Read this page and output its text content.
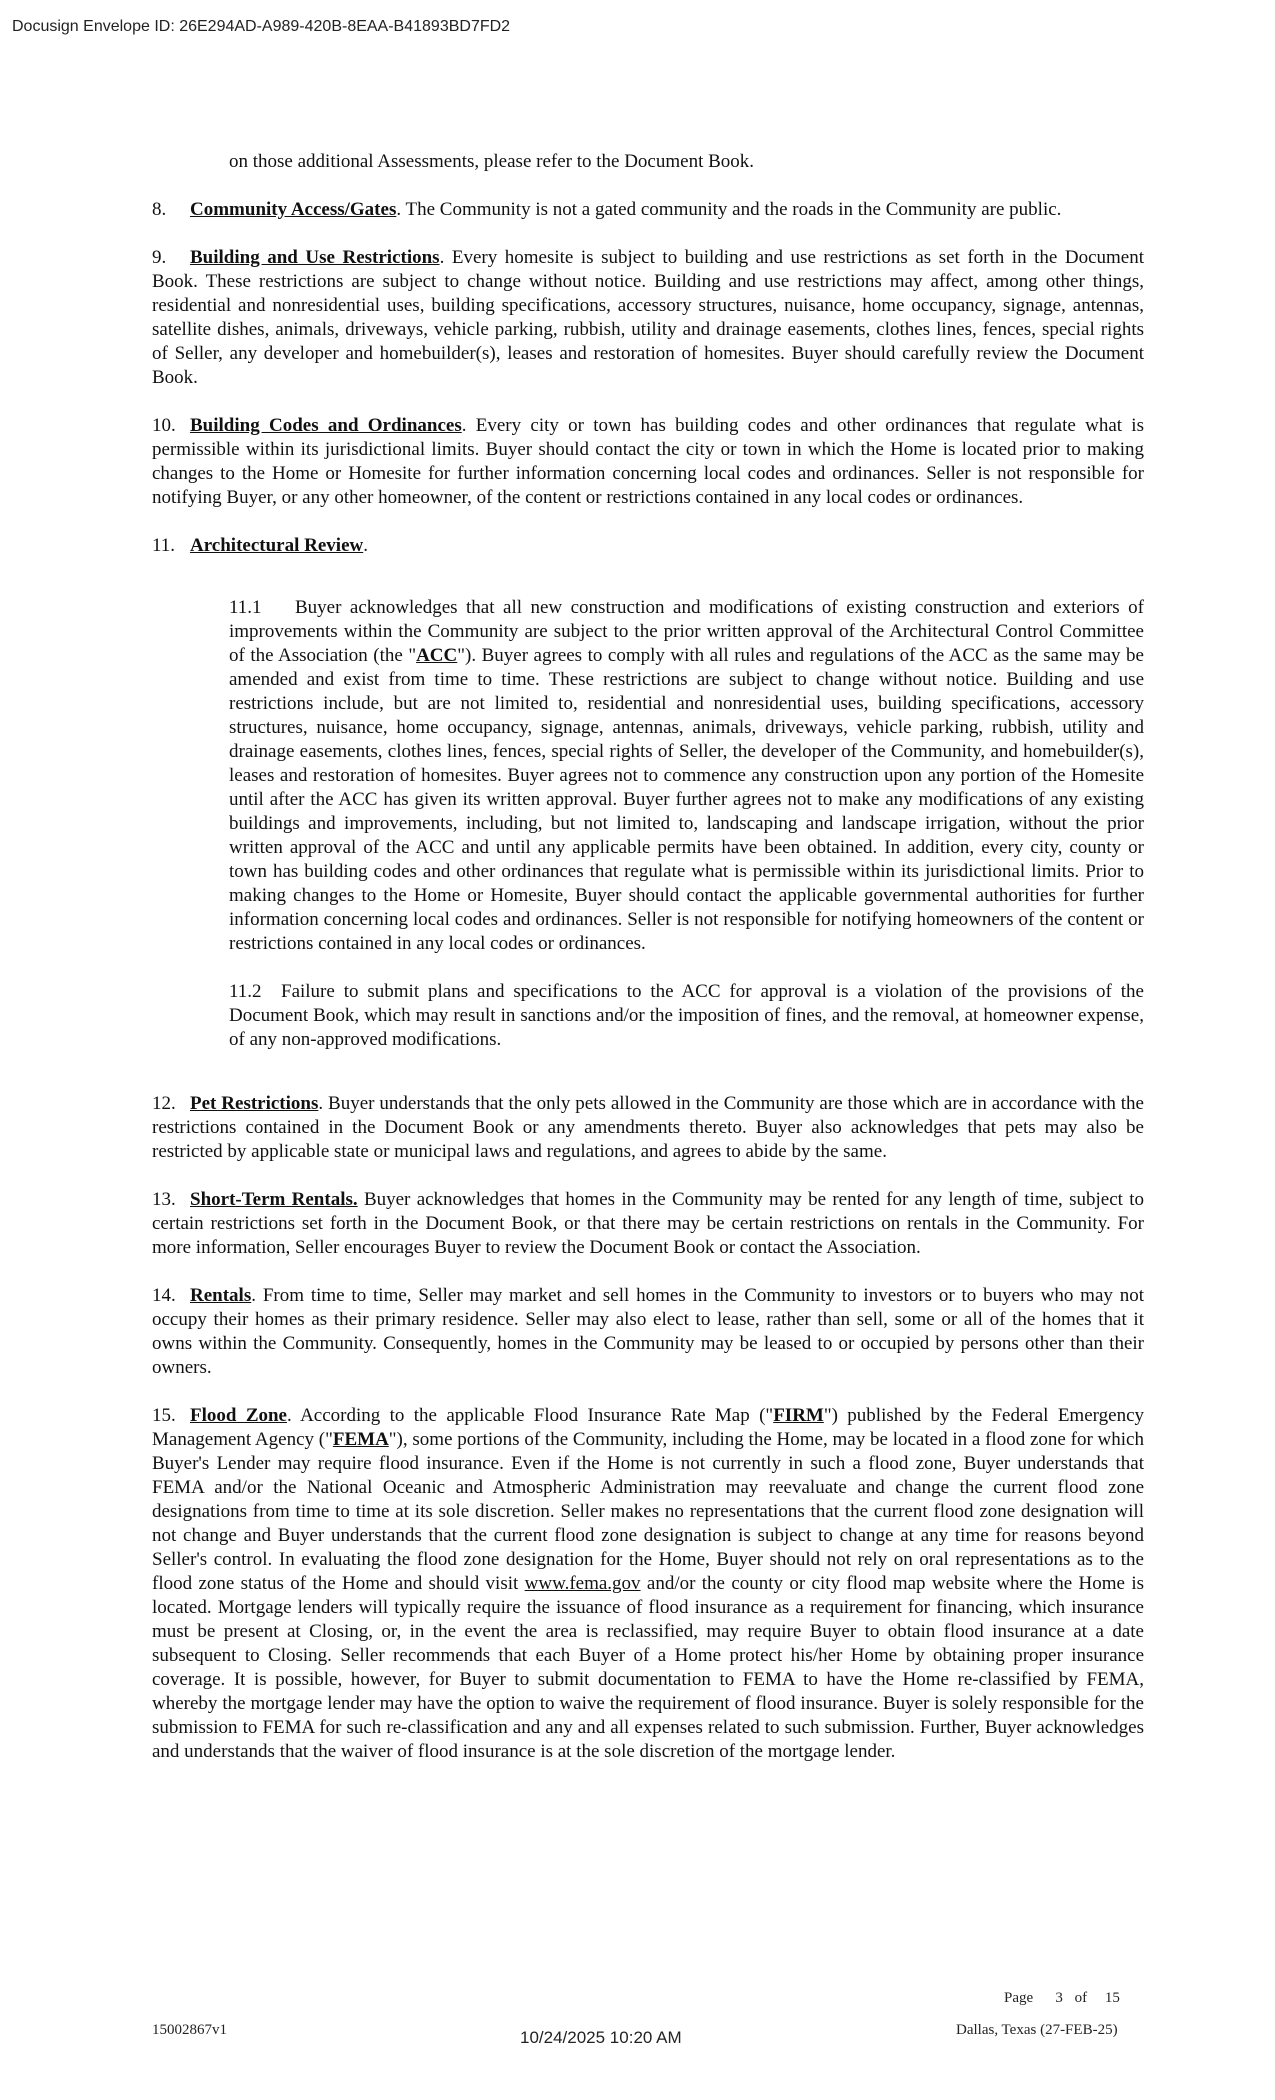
Docusign Envelope ID: 26E294AD-A989-420B-8EAA-B41893BD7FD2

on those additional Assessments, please refer to the Document Book.

8. Community Access/Gates. The Community is not a gated community and the roads in the Community are public.

9. Building and Use Restrictions. Every homesite is subject to building and use restrictions as set forth in the Document Book. These restrictions are subject to change without notice. Building and use restrictions may affect, among other things, residential and nonresidential uses, building specifications, accessory structures, nuisance, home occupancy, signage, antennas, satellite dishes, animals, driveways, vehicle parking, rubbish, utility and drainage easements, clothes lines, fences, special rights of Seller, any developer and homebuilder(s), leases and restoration of homesites. Buyer should carefully review the Document Book.

10. Building Codes and Ordinances. Every city or town has building codes and other ordinances that regulate what is permissible within its jurisdictional limits. Buyer should contact the city or town in which the Home is located prior to making changes to the Home or Homesite for further information concerning local codes and ordinances. Seller is not responsible for notifying Buyer, or any other homeowner, of the content or restrictions contained in any local codes or ordinances.

11. Architectural Review.

11.1 Buyer acknowledges that all new construction and modifications of existing construction and exteriors of improvements within the Community are subject to the prior written approval of the Architectural Control Committee of the Association (the "ACC"). Buyer agrees to comply with all rules and regulations of the ACC as the same may be amended and exist from time to time. These restrictions are subject to change without notice. Building and use restrictions include, but are not limited to, residential and nonresidential uses, building specifications, accessory structures, nuisance, home occupancy, signage, antennas, animals, driveways, vehicle parking, rubbish, utility and drainage easements, clothes lines, fences, special rights of Seller, the developer of the Community, and homebuilder(s), leases and restoration of homesites. Buyer agrees not to commence any construction upon any portion of the Homesite until after the ACC has given its written approval. Buyer further agrees not to make any modifications of any existing buildings and improvements, including, but not limited to, landscaping and landscape irrigation, without the prior written approval of the ACC and until any applicable permits have been obtained. In addition, every city, county or town has building codes and other ordinances that regulate what is permissible within its jurisdictional limits. Prior to making changes to the Home or Homesite, Buyer should contact the applicable governmental authorities for further information concerning local codes and ordinances. Seller is not responsible for notifying homeowners of the content or restrictions contained in any local codes or ordinances.

11.2 Failure to submit plans and specifications to the ACC for approval is a violation of the provisions of the Document Book, which may result in sanctions and/or the imposition of fines, and the removal, at homeowner expense, of any non-approved modifications.

12. Pet Restrictions. Buyer understands that the only pets allowed in the Community are those which are in accordance with the restrictions contained in the Document Book or any amendments thereto. Buyer also acknowledges that pets may also be restricted by applicable state or municipal laws and regulations, and agrees to abide by the same.

13. Short-Term Rentals. Buyer acknowledges that homes in the Community may be rented for any length of time, subject to certain restrictions set forth in the Document Book, or that there may be certain restrictions on rentals in the Community. For more information, Seller encourages Buyer to review the Document Book or contact the Association.

14. Rentals. From time to time, Seller may market and sell homes in the Community to investors or to buyers who may not occupy their homes as their primary residence. Seller may also elect to lease, rather than sell, some or all of the homes that it owns within the Community. Consequently, homes in the Community may be leased to or occupied by persons other than their owners.

15. Flood Zone. According to the applicable Flood Insurance Rate Map ("FIRM") published by the Federal Emergency Management Agency ("FEMA"), some portions of the Community, including the Home, may be located in a flood zone for which Buyer's Lender may require flood insurance. Even if the Home is not currently in such a flood zone, Buyer understands that FEMA and/or the National Oceanic and Atmospheric Administration may reevaluate and change the current flood zone designations from time to time at its sole discretion. Seller makes no representations that the current flood zone designation will not change and Buyer understands that the current flood zone designation is subject to change at any time for reasons beyond Seller's control. In evaluating the flood zone designation for the Home, Buyer should not rely on oral representations as to the flood zone status of the Home and should visit www.fema.gov and/or the county or city flood map website where the Home is located. Mortgage lenders will typically require the issuance of flood insurance as a requirement for financing, which insurance must be present at Closing, or, in the event the area is reclassified, may require Buyer to obtain flood insurance at a date subsequent to Closing. Seller recommends that each Buyer of a Home protect his/her Home by obtaining proper insurance coverage. It is possible, however, for Buyer to submit documentation to FEMA to have the Home re-classified by FEMA, whereby the mortgage lender may have the option to waive the requirement of flood insurance. Buyer is solely responsible for the submission to FEMA for such re-classification and any and all expenses related to such submission. Further, Buyer acknowledges and understands that the waiver of flood insurance is at the sole discretion of the mortgage lender.

Page 3 of 15
15002867v1	10/24/2025 10:20 AM	Dallas, Texas (27-FEB-25)
